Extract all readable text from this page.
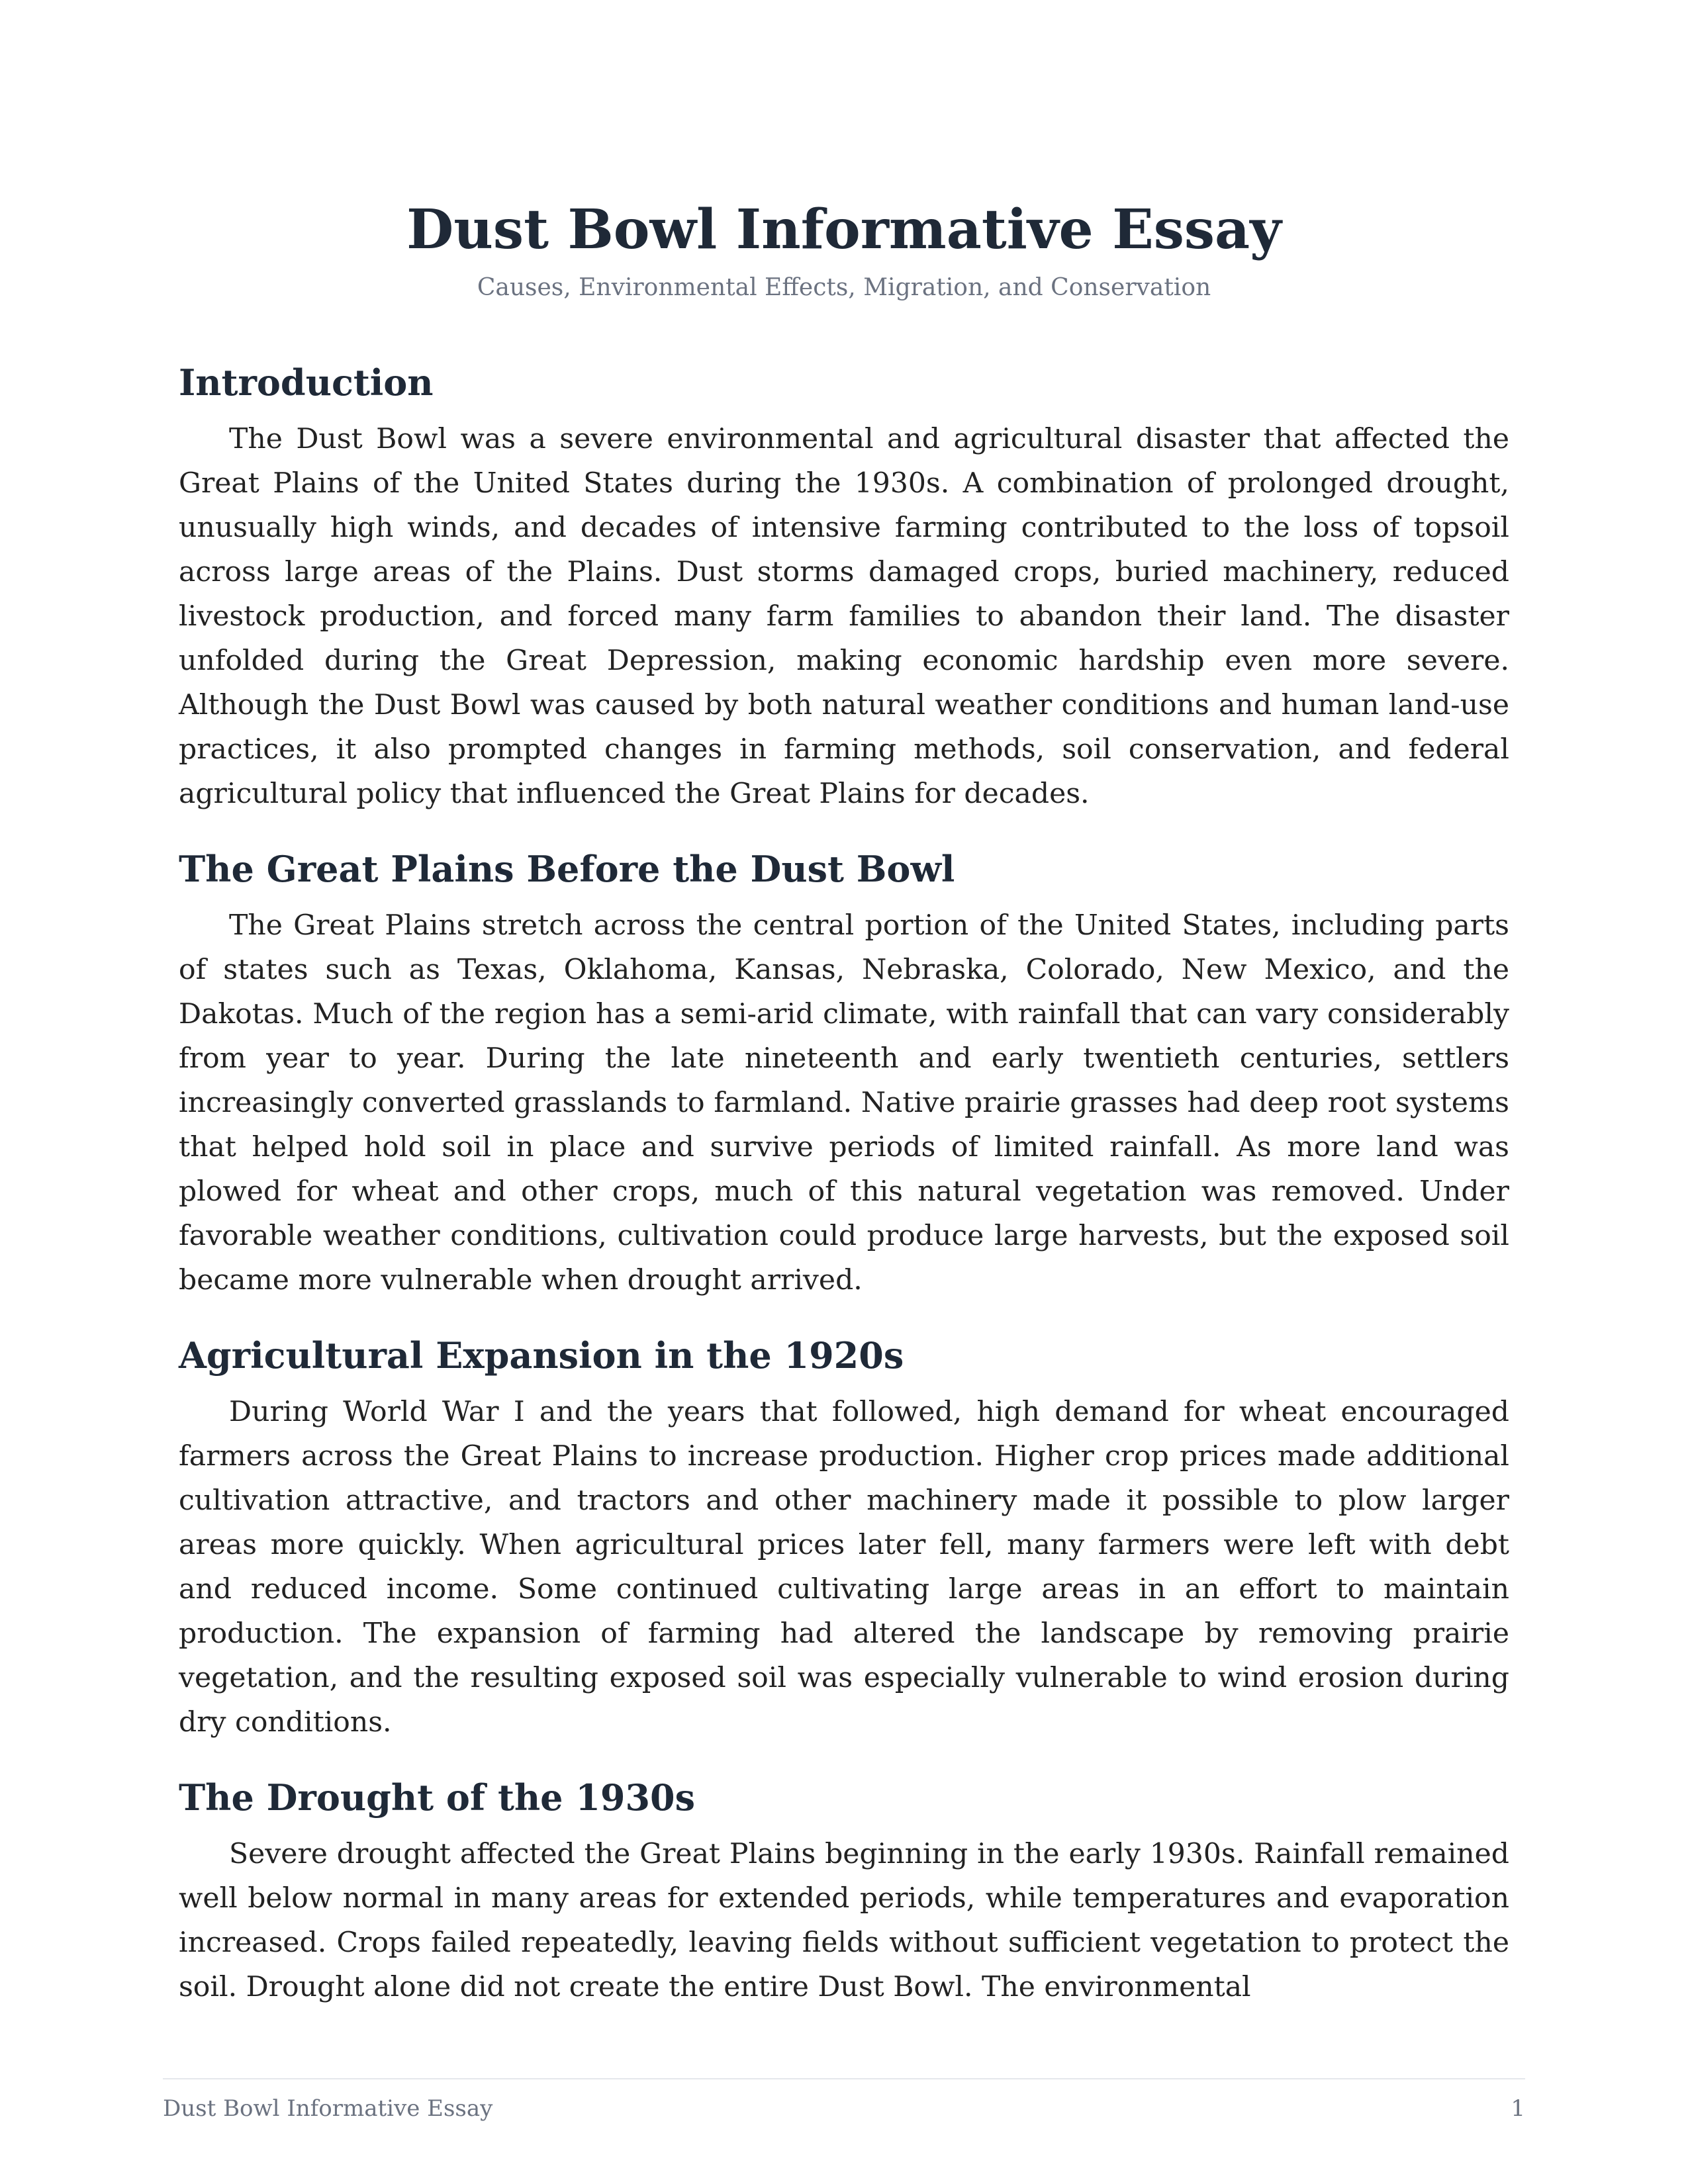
Dust Bowl Informative Essay

Causes, Environmental Effects, Migration, and Conservation

Introduction

The Dust Bowl was a severe environmental and agricultural disaster that affected the Great Plains of the United States during the 1930s. A combination of prolonged drought, unusually high winds, and decades of intensive farming contributed to the loss of topsoil across large areas of the Plains. Dust storms damaged crops, buried machinery, reduced livestock production, and forced many farm families to abandon their land. The disaster unfolded during the Great Depression, making economic hardship even more severe. Although the Dust Bowl was caused by both natural weather conditions and human land-use practices, it also prompted changes in farming methods, soil conservation, and federal agricultural policy that influenced the Great Plains for decades.

The Great Plains Before the Dust Bowl

The Great Plains stretch across the central portion of the United States, including parts of states such as Texas, Oklahoma, Kansas, Nebraska, Colorado, New Mexico, and the Dakotas. Much of the region has a semi-arid climate, with rainfall that can vary considerably from year to year. During the late nineteenth and early twentieth centuries, settlers increasingly converted grasslands to farmland. Native prairie grasses had deep root systems that helped hold soil in place and survive periods of limited rainfall. As more land was plowed for wheat and other crops, much of this natural vegetation was removed. Under favorable weather conditions, cultivation could produce large harvests, but the exposed soil became more vulnerable when drought arrived.

Agricultural Expansion in the 1920s

During World War I and the years that followed, high demand for wheat encouraged farmers across the Great Plains to increase production. Higher crop prices made additional cultivation attractive, and tractors and other machinery made it possible to plow larger areas more quickly. When agricultural prices later fell, many farmers were left with debt and reduced income. Some continued cultivating large areas in an effort to maintain production. The expansion of farming had altered the landscape by removing prairie vegetation, and the resulting exposed soil was especially vulnerable to wind erosion during dry conditions.

The Drought of the 1930s

Severe drought affected the Great Plains beginning in the early 1930s. Rainfall remained well below normal in many areas for extended periods, while temperatures and evaporation increased. Crops failed repeatedly, leaving fields without sufficient vegetation to protect the soil. Drought alone did not create the entire Dust Bowl. The environmental

Dust Bowl Informative Essay	1
